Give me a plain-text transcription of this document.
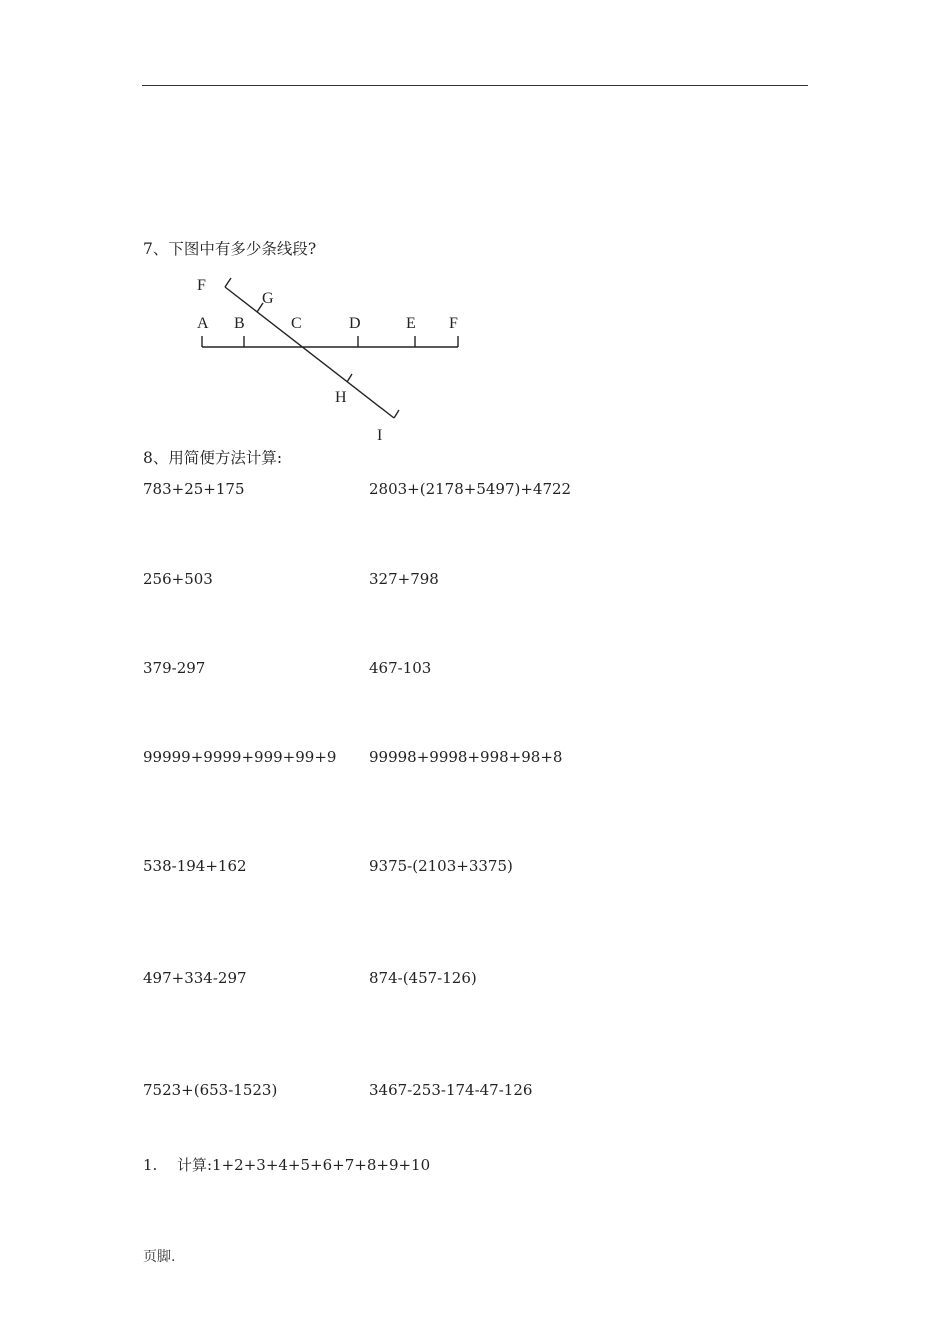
7、下图中有多少条线段?
F
G
A B	C	D	E F
H
I
8、用简便方法计算:
783+25+175	2803+(2178+5497)+4722
256+503	327+798
379-297	467-103
99999+9999+999+99+9 99998+9998+998+98+8
538-194+162	9375-(2103+3375)
497+334-297	874-(457-126)
7523+(653-1523)	3467-253-174-47-126
1. 计算:1+2+3+4+5+6+7+8+9+10
页脚.
